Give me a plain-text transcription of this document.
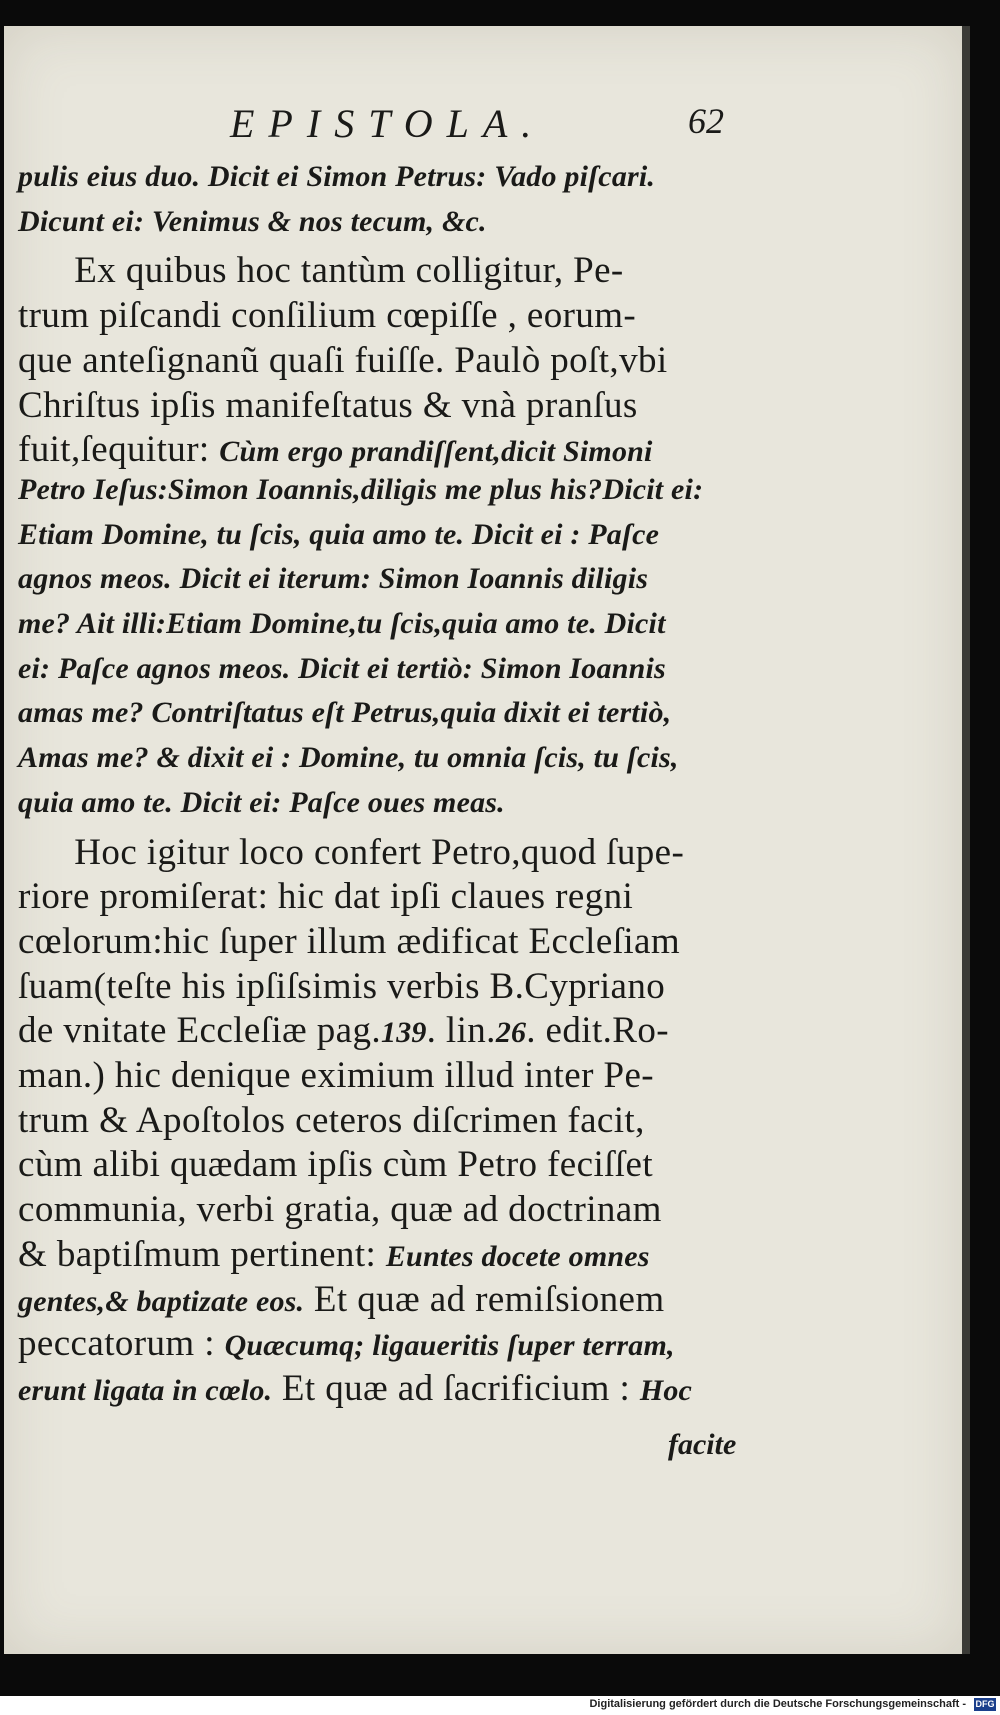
EPISTOLA.	62
pulis eius duo. Dicit ei Simon Petrus: Vado piſcari.
Dicunt ei: Venimus & nos tecum, &c.
  Ex quibus hoc tantùm colligitur, Pe-
trum piſcandi conſilium cœpiſſe , eorum-
que anteſignanũ quaſi fuiſſe. Paulò poſt,vbi
Chriſtus ipſis manifeſtatus & vnà pranſus
fuit,ſequitur: Cùm ergo prandiſſent,dicit Simoni
Petro Ieſus:Simon Ioannis,diligis me plus his?Dicit ei:
Etiam Domine, tu ſcis, quia amo te. Dicit ei : Paſce
agnos meos. Dicit ei iterum: Simon Ioannis diligis
me? Ait illi:Etiam Domine,tu ſcis,quia amo te. Dicit
ei: Paſce agnos meos. Dicit ei tertiò: Simon Ioannis
amas me? Contriſtatus eſt Petrus,quia dixit ei tertiò,
Amas me? & dixit ei : Domine, tu omnia ſcis, tu ſcis,
quia amo te. Dicit ei: Paſce oues meas.
  Hoc igitur loco confert Petro,quod ſupe-
riore promiſerat: hic dat ipſi claues regni
cœlorum:hic ſuper illum ædificat Eccleſiam
ſuam(teſte his ipſiſsimis verbis B.Cypriano
de vnitate Eccleſiæ pag.139. lin.26. edit.Ro-
man.) hic denique eximium illud inter Pe-
trum & Apoſtolos ceteros diſcrimen facit,
cùm alibi quædam ipſis cùm Petro feciſſet
communia, verbi gratia, quæ ad doctrinam
& baptiſmum pertinent: Euntes docete omnes
gentes,& baptizate eos. Et quæ ad remiſsionem
peccatorum : Quæcumq; ligaueritis ſuper terram,
erunt ligata in cœlo. Et quæ ad ſacrificium : Hoc
facite
Digitalisierung gefördert durch die Deutsche Forschungsgemeinschaft - DFG
